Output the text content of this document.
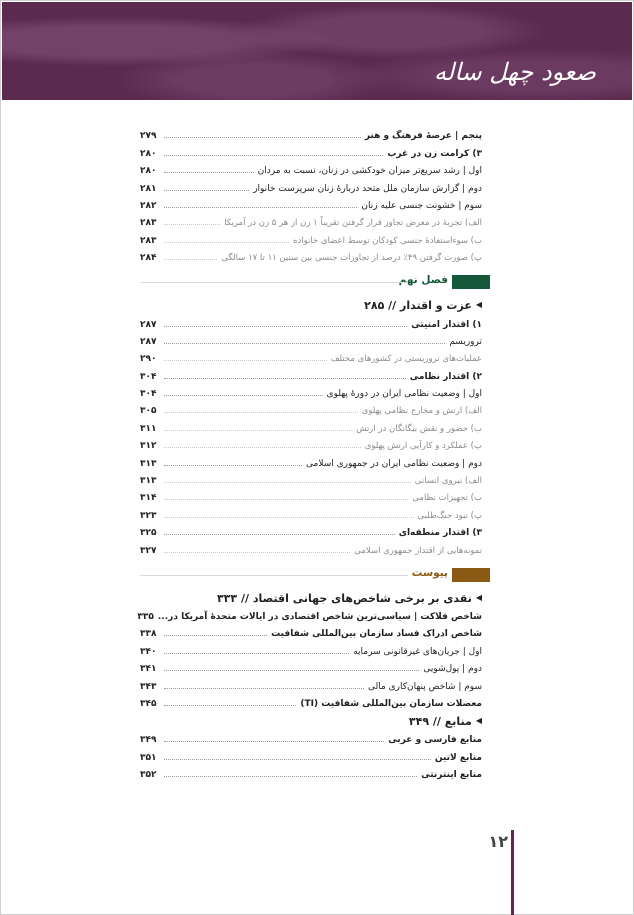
صعود چهل ساله
پنجم | عرصهٔ فرهنگ و هنر
۲۷۹
۳) کرامت زن در غرب
۲۸۰
اول | رشد سریع‌تر میزان خودکشی در زنان، نسبت به مردان
۲۸۰
دوم | گزارش سازمان ملل متحد دربارهٔ زنان سرپرست خانوار
۲۸۱
سوم | خشونت جنسی علیه زنان
۲۸۲
الف) تجربهٔ در معرض تجاوز قرار گرفتن تقریباً ۱ زن از هر ۵ زن در آمریکا
۲۸۳
ب) سوءاستفادهٔ جنسی کودکان توسط اعضای خانواده
۲۸۳
پ) صورت گرفتن ۴۹٪ درصد از تجاوزات جنسی بین سنین ۱۱ تا ۱۷ سالگی
۲۸۴
فصل نهم
◀
عزت و اقتدار // ۲۸۵
۱) اقتدار امنیتی
۲۸۷
تروریسم
۲۸۷
عملیات‌های تروریستی در کشورهای مختلف
۲۹۰
۲) اقتدار نظامی
۳۰۴
اول | وضعیت نظامی ایران در دورهٔ پهلوی
۳۰۴
الف) ارتش و مخارج نظامی پهلوی
۳۰۵
ب) حضور و نقش بیگانگان در ارتش
۳۱۱
پ) عملکرد و کارآیی ارتش پهلوی
۳۱۲
دوم | وضعیت نظامی ایران در جمهوری اسلامی
۳۱۳
الف) نیروی انسانی
۳۱۳
ب) تجهیزات نظامی
۳۱۴
پ) نبود جنگ‌طلبی
۳۲۳
۳) اقتدار منطقه‌ای
۳۲۵
نمونه‌هایی از اقتدار جمهوری اسلامی
۳۲۷
پیوست
◀
نقدی بر برخی شاخص‌های جهانی اقتصاد // ۳۳۳
شاخص فلاکت | سیاسی‌ترین شاخص اقتصادی در ایالات متحدهٔ آمریکا در...
۳۳۵
شاخص ادراک فساد سازمان بین‌المللی شفافیت
۳۳۸
اول | جریان‌های غیرقانونی سرمایه
۳۴۰
دوم | پول‌شویی
۳۴۱
سوم | شاخص پنهان‌کاری مالی
۳۴۳
معضلات سازمان بین‌المللی شفافیت (TI)
۳۴۵
◀
منابع // ۳۴۹
منابع فارسی و عربی
۳۴۹
منابع لاتین
۳۵۱
منابع اینترنتی
۳۵۲
۱۲
